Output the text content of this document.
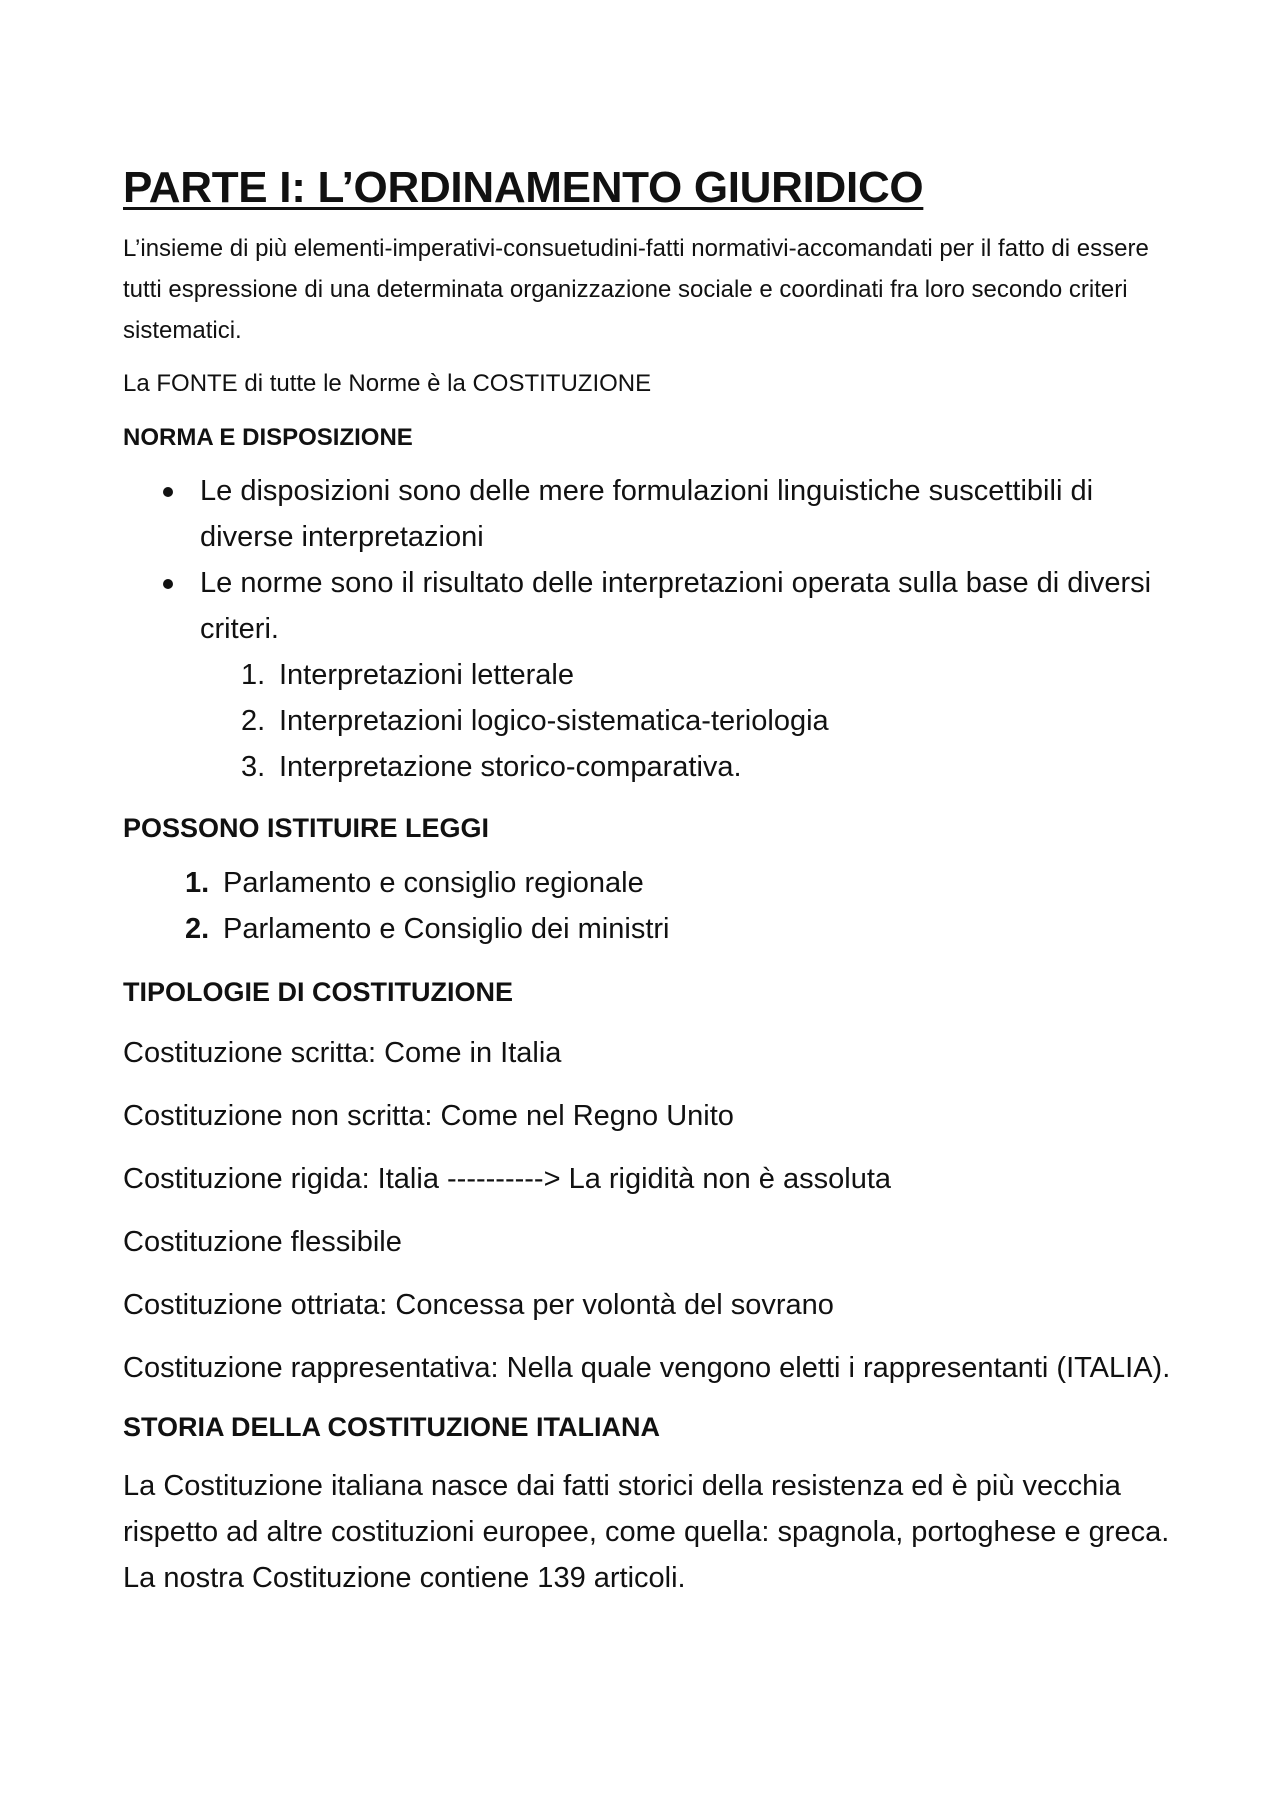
PARTE I: L’ORDINAMENTO GIURIDICO

L’insieme di più elementi-imperativi-consuetudini-fatti normativi-accomandati per il fatto di essere tutti espressione di una determinata organizzazione sociale e coordinati fra loro secondo criteri sistematici.

La FONTE di tutte le Norme è la COSTITUZIONE

NORMA E DISPOSIZIONE
Le disposizioni sono delle mere formulazioni linguistiche suscettibili di diverse interpretazioni
Le norme sono il risultato delle interpretazioni operata sulla base di diversi criteri.
1. Interpretazioni letterale
2. Interpretazioni logico-sistematica-teriologia
3. Interpretazione storico-comparativa.
POSSONO ISTITUIRE LEGGI
1. Parlamento e consiglio regionale
2. Parlamento e Consiglio dei ministri
TIPOLOGIE DI COSTITUZIONE

Costituzione scritta: Come in Italia

Costituzione non scritta: Come nel Regno Unito

Costituzione rigida: Italia ----------> La rigidità non è assoluta

Costituzione flessibile

Costituzione ottriata: Concessa per volontà del sovrano

Costituzione rappresentativa: Nella quale vengono eletti i rappresentanti (ITALIA).

STORIA DELLA COSTITUZIONE ITALIANA

La Costituzione italiana nasce dai fatti storici della resistenza ed è più vecchia rispetto ad altre costituzioni europee, come quella: spagnola, portoghese e greca. La nostra Costituzione contiene 139 articoli.
